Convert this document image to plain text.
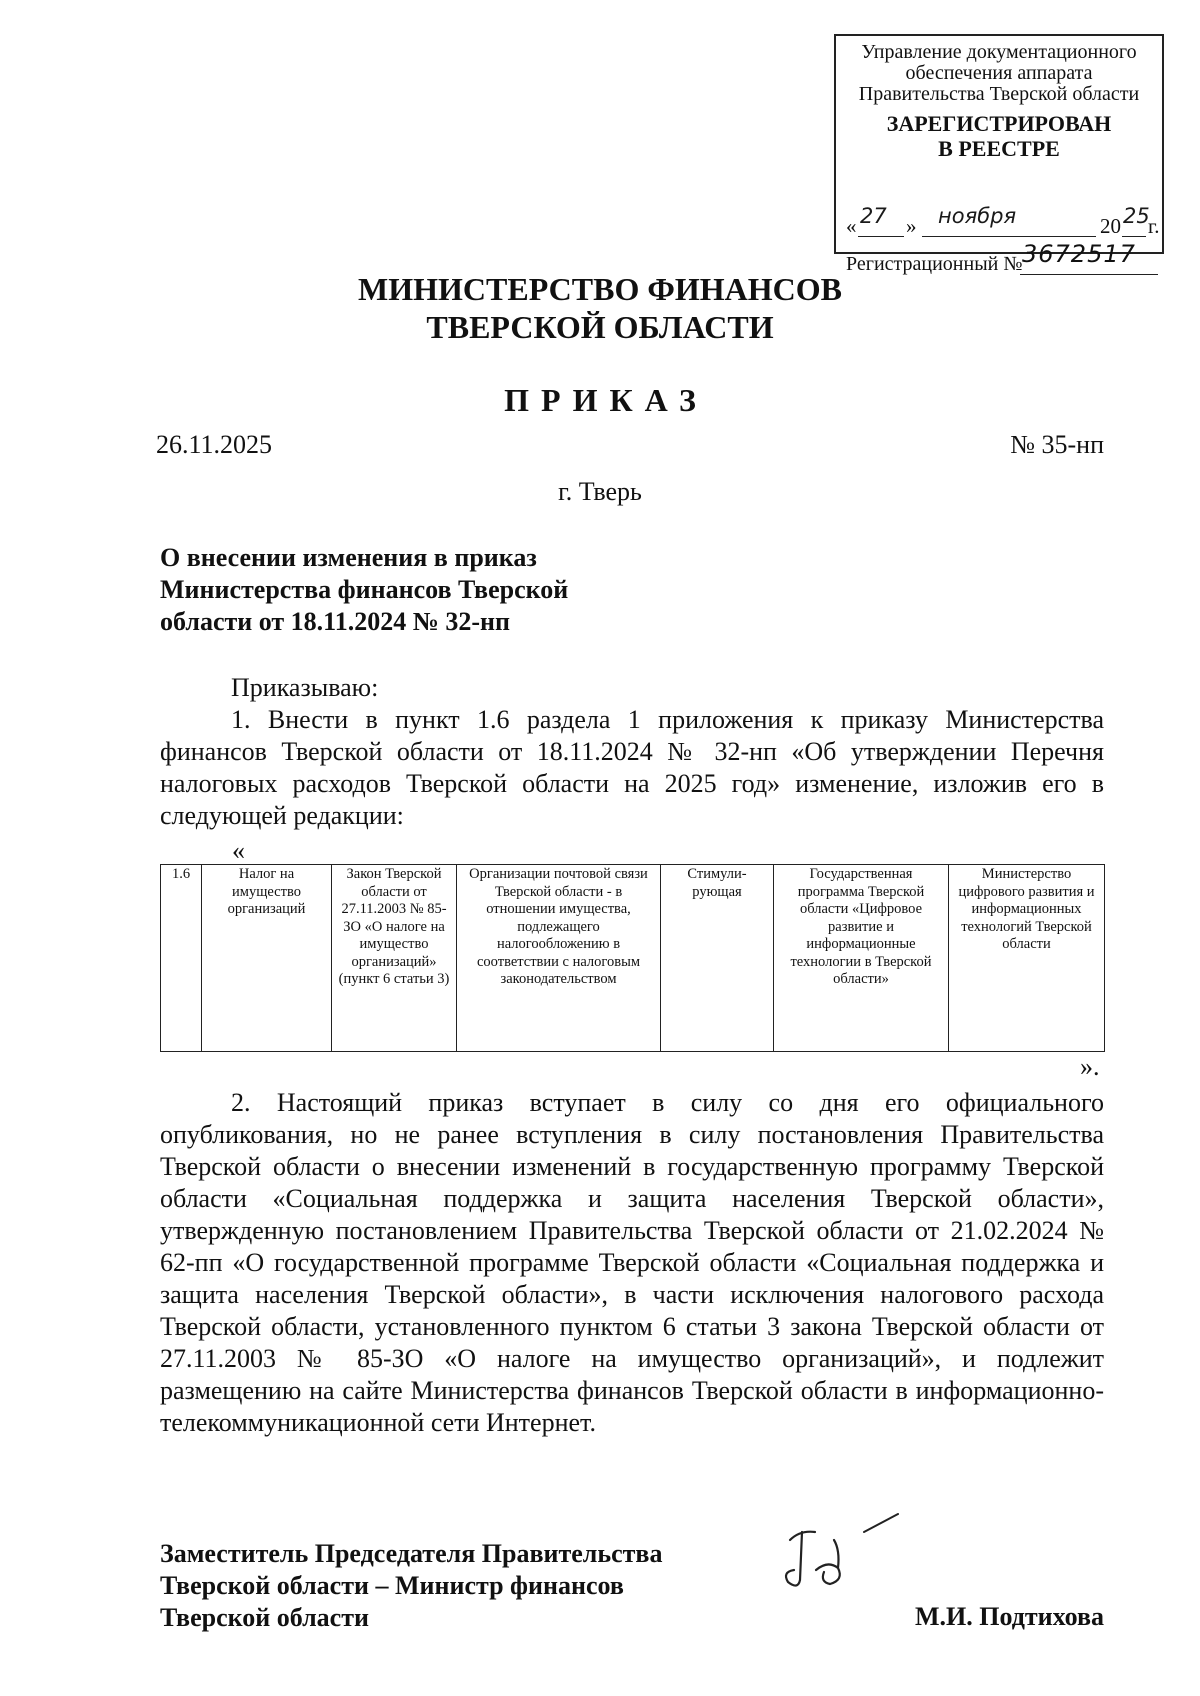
Управление документационного
обеспечения аппарата
Правительства Тверской области
ЗАРЕГИСТРИРОВАН
В РЕЕСТРЕ
« 27 » ноября	20 25
г.
Регистрационный № 3672517
МИНИСТЕРСТВО ФИНАНСОВ
ТВЕРСКОЙ ОБЛАСТИ
ПРИКАЗ
26.11.2025	№ 35-нп
г. Тверь
О внесении изменения в приказ
Министерства финансов Тверской
области от 18.11.2024 № 32-нп
Приказываю:
1. Внести в пункт 1.6 раздела 1 приложения к приказу Министерства финансов Тверской области от 18.11.2024 № 32-нп «Об утверждении Перечня налоговых расходов Тверской области на 2025 год» изменение, изложив его в следующей редакции:
«
1.6	Налог на имущество организаций	Закон Тверской области от 27.11.2003 № 85-ЗО «О налоге на имущество организаций» (пункт 6 статьи 3)	Организации почтовой связи Тверской области - в отношении имущества, подлежащего налогообложению в соответствии с налоговым законодательством	Стимули-рующая	Государственная программа Тверской области «Цифровое развитие и информационные технологии в Тверской области»	Министерство цифрового развития и информационных технологий Тверской области
».
2. Настоящий приказ вступает в силу со дня его официального опубликования, но не ранее вступления в силу постановления Правительства Тверской области о внесении изменений в государственную программу Тверской области «Социальная поддержка и защита населения Тверской области», утвержденную постановлением Правительства Тверской области от 21.02.2024 № 62-пп «О государственной программе Тверской области «Социальная поддержка и защита населения Тверской области», в части исключения налогового расхода Тверской области, установленного пунктом 6 статьи 3 закона Тверской области от 27.11.2003 № 85-ЗО «О налоге на имущество организаций», и подлежит размещению на сайте Министерства финансов Тверской области в информационно-телекоммуникационной сети Интернет.
Заместитель Председателя Правительства
Тверской области – Министр финансов
Тверской области	М.И. Подтихова
